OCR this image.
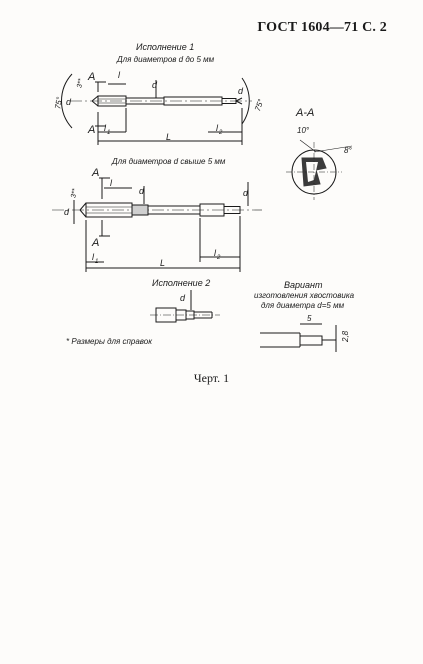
ГОСТ 1604—71 С. 2
Исполнение 1
Для диаметров d до 5 мм
А
А
l
d
d
75°
3**
d
75°
l 1	L
l 2
А-А
10°
8°
Для диаметров d свыше 5 мм
А
А
l
d
3**	d	d
l 1
l 2
L
Исполнение 2
d
Вариант
изготовления хвостовика
для диаметра d=5 мм
5
2,8
* Размеры для справок
Черт. 1
